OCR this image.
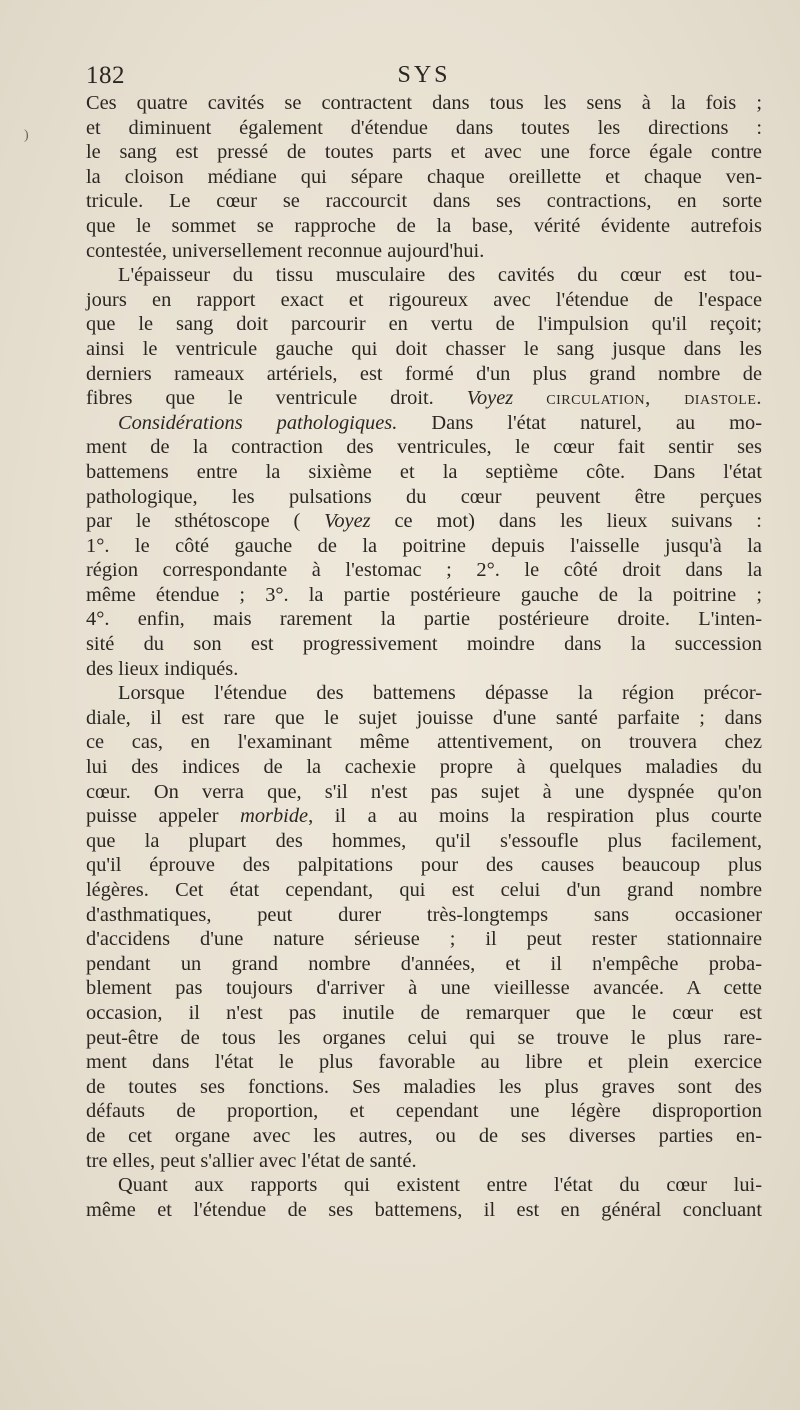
)
182	SYS
Ces quatre cavités se contractent dans tous les sens à la fois ;
et diminuent également d'étendue dans toutes les directions :
le sang est pressé de toutes parts et avec une force égale contre
la cloison médiane qui sépare chaque oreillette et chaque ven-
tricule. Le cœur se raccourcit dans ses contractions, en sorte
que le sommet se rapproche de la base, vérité évidente autrefois
contestée, universellement reconnue aujourd'hui.
L'épaisseur du tissu musculaire des cavités du cœur est tou-
jours en rapport exact et rigoureux avec l'étendue de l'espace
que le sang doit parcourir en vertu de l'impulsion qu'il reçoit;
ainsi le ventricule gauche qui doit chasser le sang jusque dans les
derniers rameaux artériels, est formé d'un plus grand nombre de
fibres que le ventricule droit. Voyez circulation, diastole.
Considérations pathologiques. Dans l'état naturel, au mo-
ment de la contraction des ventricules, le cœur fait sentir ses
battemens entre la sixième et la septième côte. Dans l'état
pathologique, les pulsations du cœur peuvent être perçues
par le sthétoscope ( Voyez ce mot) dans les lieux suivans :
1°. le côté gauche de la poitrine depuis l'aisselle jusqu'à la
région correspondante à l'estomac ; 2°. le côté droit dans la
même étendue ; 3°. la partie postérieure gauche de la poitrine ;
4°. enfin, mais rarement la partie postérieure droite. L'inten-
sité du son est progressivement moindre dans la succession
des lieux indiqués.
Lorsque l'étendue des battemens dépasse la région précor-
diale, il est rare que le sujet jouisse d'une santé parfaite ; dans
ce cas, en l'examinant même attentivement, on trouvera chez
lui des indices de la cachexie propre à quelques maladies du
cœur. On verra que, s'il n'est pas sujet à une dyspnée qu'on
puisse appeler morbide, il a au moins la respiration plus courte
que la plupart des hommes, qu'il s'essoufle plus facilement,
qu'il éprouve des palpitations pour des causes beaucoup plus
légères. Cet état cependant, qui est celui d'un grand nombre
d'asthmatiques, peut durer très-longtemps sans occasioner
d'accidens d'une nature sérieuse ; il peut rester stationnaire
pendant un grand nombre d'années, et il n'empêche proba-
blement pas toujours d'arriver à une vieillesse avancée. A cette
occasion, il n'est pas inutile de remarquer que le cœur est
peut-être de tous les organes celui qui se trouve le plus rare-
ment dans l'état le plus favorable au libre et plein exercice
de toutes ses fonctions. Ses maladies les plus graves sont des
défauts de proportion, et cependant une légère disproportion
de cet organe avec les autres, ou de ses diverses parties en-
tre elles, peut s'allier avec l'état de santé.
Quant aux rapports qui existent entre l'état du cœur lui-
même et l'étendue de ses battemens, il est en général concluant
